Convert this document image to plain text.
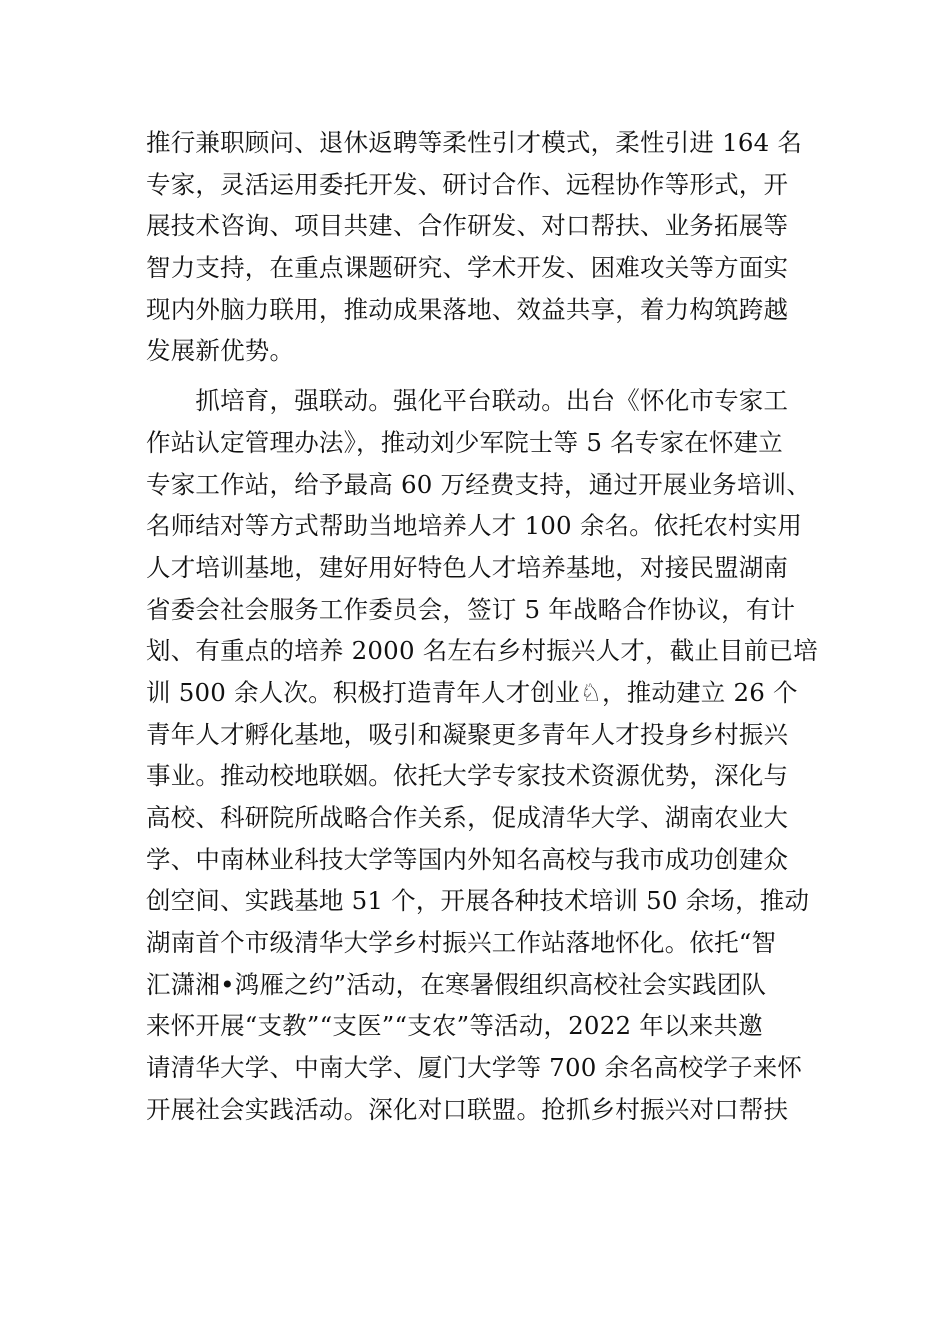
推行兼职顾问、退休返聘等柔性引才模式，柔性引进 164 名
专家，灵活运用委托开发、研讨合作、远程协作等形式，开
展技术咨询、项目共建、合作研发、对口帮扶、业务拓展等
智力支持，在重点课题研究、学术开发、困难攻关等方面实
现内外脑力联用，推动成果落地、效益共享，着力构筑跨越
发展新优势。
　　抓培育，强联动。强化平台联动。出台《怀化市专家工
作站认定管理办法》，推动刘少军院士等 5 名专家在怀建立
专家工作站，给予最高 60 万经费支持，通过开展业务培训、
名师结对等方式帮助当地培养人才 100 余名。依托农村实用
人才培训基地，建好用好特色人才培养基地，对接民盟湖南
省委会社会服务工作委员会，签订 5 年战略合作协议，有计
划、有重点的培养 2000 名左右乡村振兴人才，截止目前已培
训 500 余人次。积极打造青年人才创业♘，推动建立 26 个
青年人才孵化基地，吸引和凝聚更多青年人才投身乡村振兴
事业。推动校地联姻。依托大学专家技术资源优势，深化与
高校、科研院所战略合作关系，促成清华大学、湖南农业大
学、中南林业科技大学等国内外知名高校与我市成功创建众
创空间、实践基地 51 个，开展各种技术培训 50 余场，推动
湖南首个市级清华大学乡村振兴工作站落地怀化。依托“智
汇潇湘•鸿雁之约”活动，在寒暑假组织高校社会实践团队
来怀开展“支教”“支医”“支农”等活动，2022 年以来共邀
请清华大学、中南大学、厦门大学等 700 余名高校学子来怀
开展社会实践活动。深化对口联盟。抢抓乡村振兴对口帮扶
